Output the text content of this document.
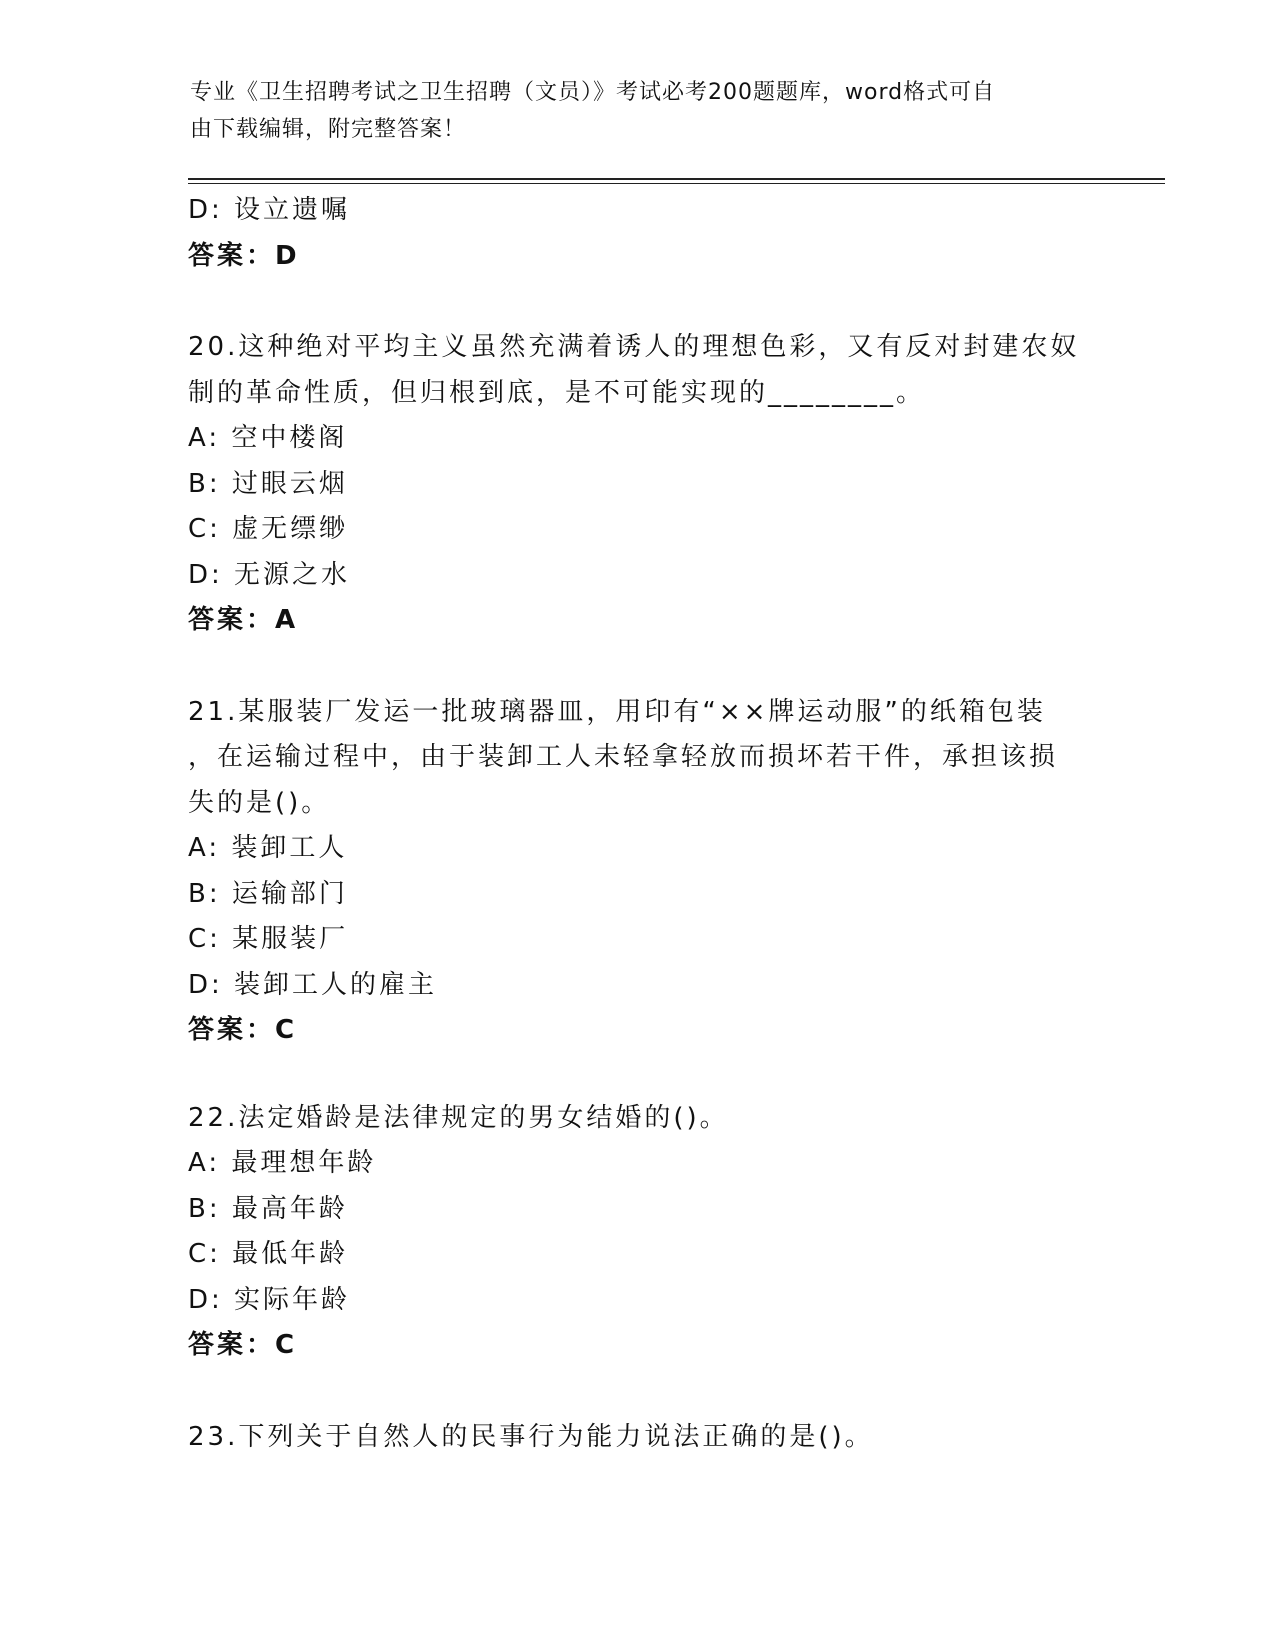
专业《卫生招聘考试之卫生招聘（文员）》考试必考200题题库，word格式可自
由下载编辑，附完整答案！
D: 设立遗嘱
答案：D
20.这种绝对平均主义虽然充满着诱人的理想色彩，又有反对封建农奴
制的革命性质，但归根到底，是不可能实现的________。
A: 空中楼阁
B: 过眼云烟
C: 虚无缥缈
D: 无源之水
答案：A
21.某服装厂发运一批玻璃器皿，用印有“××牌运动服”的纸箱包装
，在运输过程中，由于装卸工人未轻拿轻放而损坏若干件，承担该损
失的是()。
A: 装卸工人
B: 运输部门
C: 某服装厂
D: 装卸工人的雇主
答案：C
22.法定婚龄是法律规定的男女结婚的()。
A: 最理想年龄
B: 最高年龄
C: 最低年龄
D: 实际年龄
答案：C
23.下列关于自然人的民事行为能力说法正确的是()。
